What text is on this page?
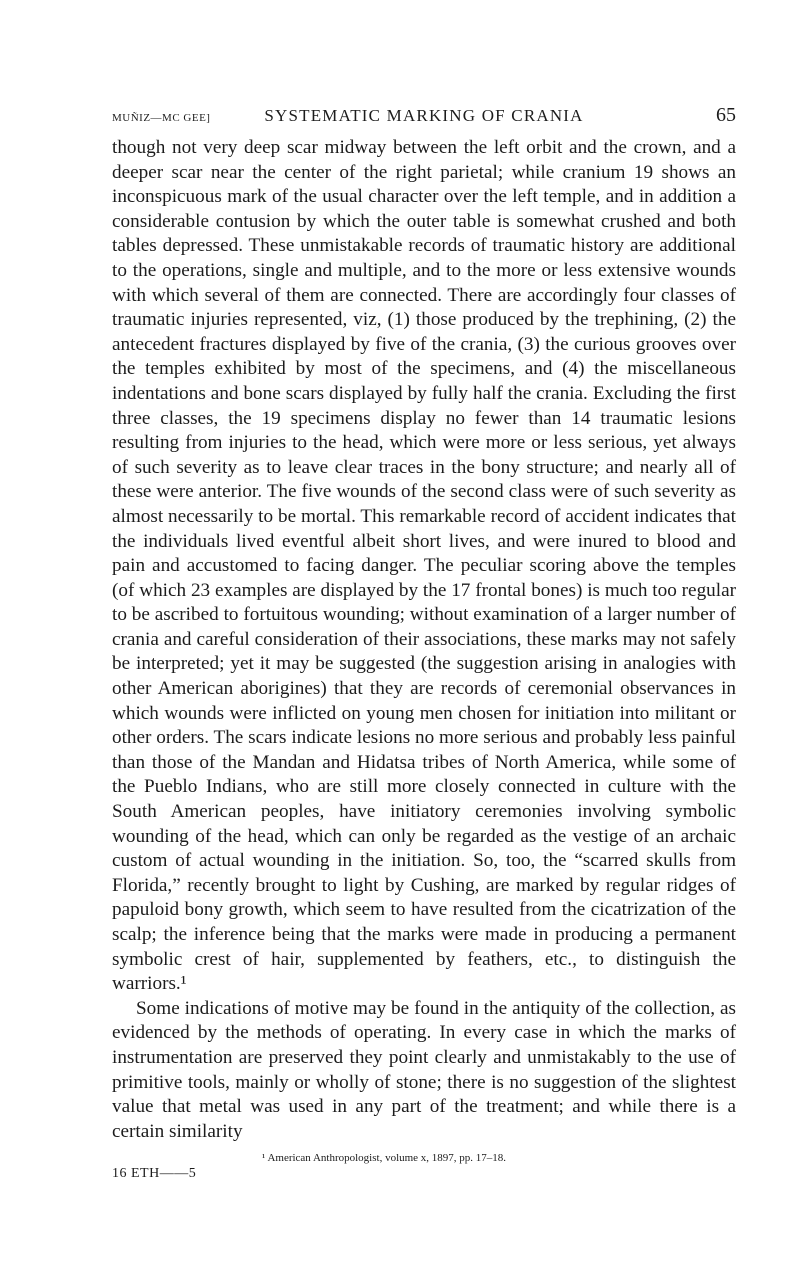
MUÑIZ—MC GEE]	SYSTEMATIC MARKING OF CRANIA	65

though not very deep scar midway between the left orbit and the crown, and a deeper scar near the center of the right parietal; while cranium 19 shows an inconspicuous mark of the usual character over the left temple, and in addition a considerable contusion by which the outer table is somewhat crushed and both tables depressed. These unmistakable records of traumatic history are additional to the operations, single and multiple, and to the more or less extensive wounds with which several of them are connected. There are accordingly four classes of traumatic injuries represented, viz, (1) those produced by the trephining, (2) the antecedent fractures displayed by five of the crania, (3) the curious grooves over the temples exhibited by most of the specimens, and (4) the miscellaneous indentations and bone scars displayed by fully half the crania. Excluding the first three classes, the 19 specimens display no fewer than 14 traumatic lesions resulting from injuries to the head, which were more or less serious, yet always of such severity as to leave clear traces in the bony structure; and nearly all of these were anterior. The five wounds of the second class were of such severity as almost necessarily to be mortal. This remarkable record of accident indicates that the individuals lived eventful albeit short lives, and were inured to blood and pain and accustomed to facing danger. The peculiar scoring above the temples (of which 23 examples are displayed by the 17 frontal bones) is much too regular to be ascribed to fortuitous wounding; without examination of a larger number of crania and careful consideration of their associations, these marks may not safely be interpreted; yet it may be suggested (the suggestion arising in analogies with other American aborigines) that they are records of ceremonial observances in which wounds were inflicted on young men chosen for initiation into militant or other orders. The scars indicate lesions no more serious and probably less painful than those of the Mandan and Hidatsa tribes of North America, while some of the Pueblo Indians, who are still more closely connected in culture with the South American peoples, have initiatory ceremonies involving symbolic wounding of the head, which can only be regarded as the vestige of an archaic custom of actual wounding in the initiation. So, too, the “scarred skulls from Florida,” recently brought to light by Cushing, are marked by regular ridges of papuloid bony growth, which seem to have resulted from the cicatrization of the scalp; the inference being that the marks were made in producing a permanent symbolic crest of hair, supplemented by feathers, etc., to distinguish the warriors.¹

Some indications of motive may be found in the antiquity of the collection, as evidenced by the methods of operating. In every case in which the marks of instrumentation are preserved they point clearly and unmistakably to the use of primitive tools, mainly or wholly of stone; there is no suggestion of the slightest value that metal was used in any part of the treatment; and while there is a certain similarity

¹ American Anthropologist, volume x, 1897, pp. 17–18.
16 ETH——5
